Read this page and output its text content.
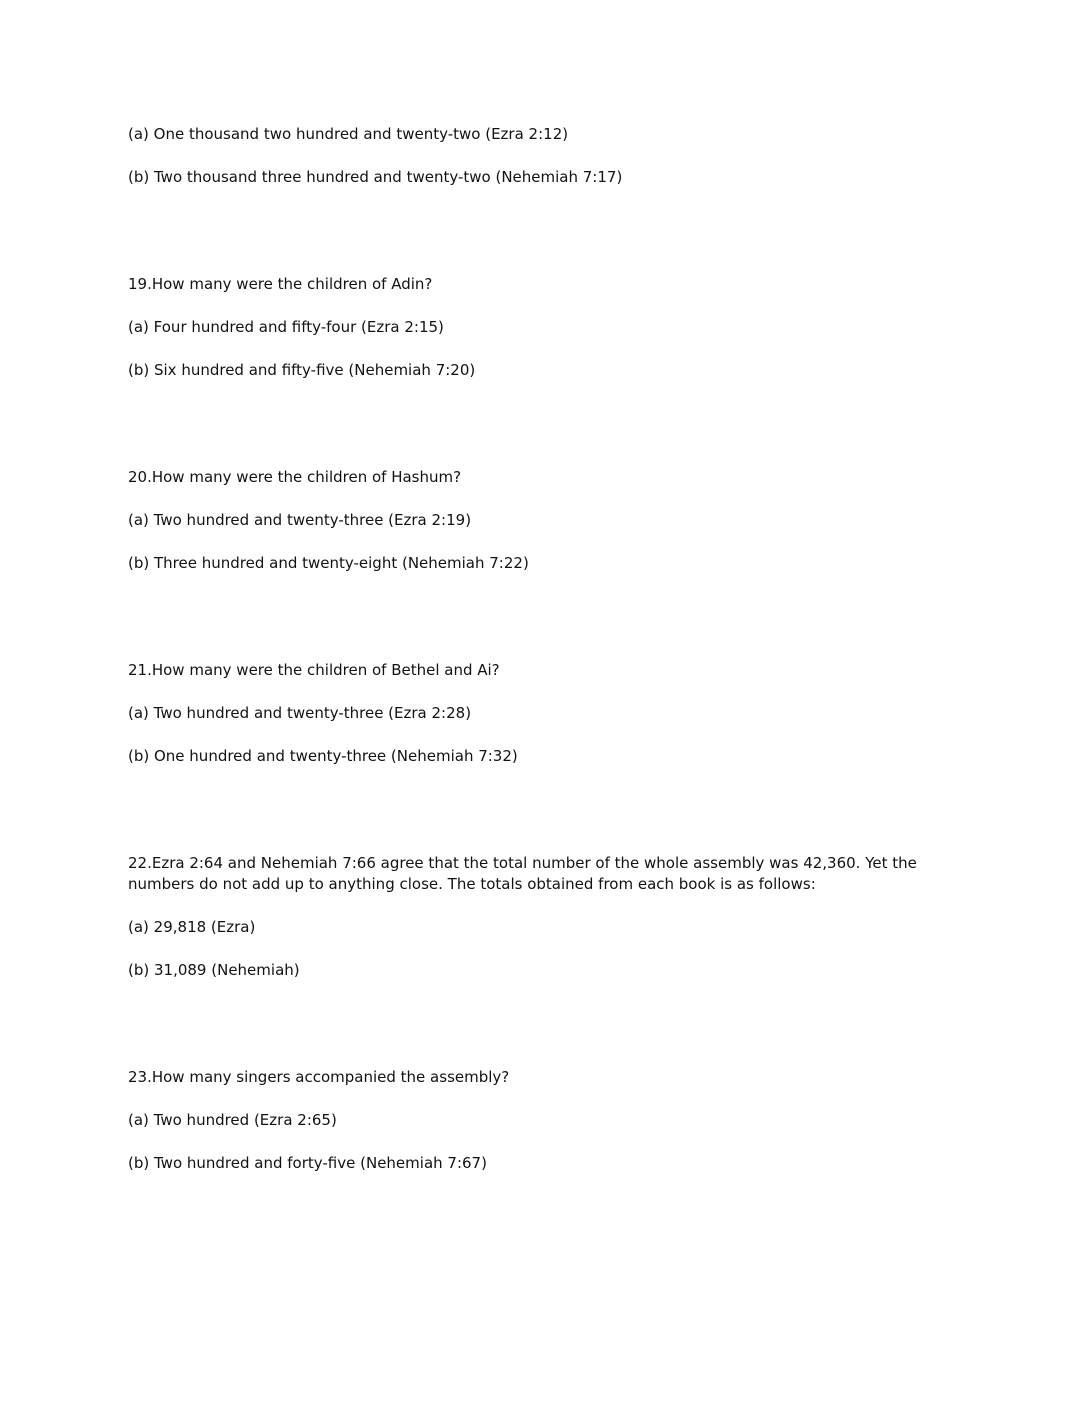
(a) One thousand two hundred and twenty-two (Ezra 2:12)

(b) Two thousand three hundred and twenty-two (Nehemiah 7:17)

19.How many were the children of Adin?

(a) Four hundred and fifty-four (Ezra 2:15)

(b) Six hundred and fifty-five (Nehemiah 7:20)

20.How many were the children of Hashum?

(a) Two hundred and twenty-three (Ezra 2:19)

(b) Three hundred and twenty-eight (Nehemiah 7:22)

21.How many were the children of Bethel and Ai?

(a) Two hundred and twenty-three (Ezra 2:28)

(b) One hundred and twenty-three (Nehemiah 7:32)

22.Ezra 2:64 and Nehemiah 7:66 agree that the total number of the whole assembly was 42,360. Yet the numbers do not add up to anything close. The totals obtained from each book is as follows:

(a) 29,818 (Ezra)

(b) 31,089 (Nehemiah)

23.How many singers accompanied the assembly?

(a) Two hundred (Ezra 2:65)

(b) Two hundred and forty-five (Nehemiah 7:67)
